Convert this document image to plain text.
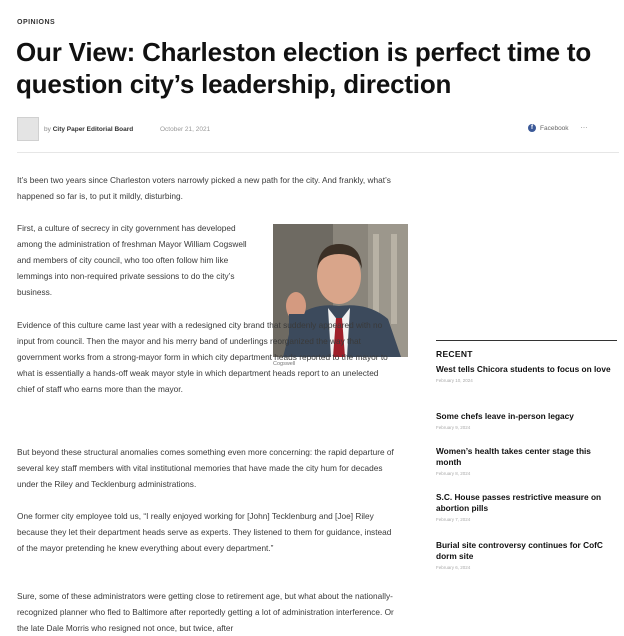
OPINIONS
Our View: Charleston election is perfect time to question city’s leadership, direction
by City Paper Editorial Board	October 21, 2021	f	Facebook ⋯

It’s been two years since Charleston voters narrowly picked a new path for the city. And frankly, what’s happened so far is, to put it mildly, disturbing.

First, a culture of secrecy in city government has developed among the administration of freshman Mayor William Cogswell and members of city council, who too often follow him like lemmings into non-required private sessions to do the city’s business.

Cogswell

Evidence of this culture came last year with a redesigned city brand that suddenly appeared with no input from council. Then the mayor and his merry band of underlings reorganized the way that government works from a strong-mayor form in which city department heads reported to the mayor to what is essentially a hands-off weak mayor style in which department heads report to an unelected chief of staff who earns more than the mayor.

But beyond these structural anomalies comes something even more concerning: the rapid departure of several key staff members with vital institutional memories that have made the city hum for decades under the Riley and Tecklenburg administrations.

One former city employee told us, “I really enjoyed working for [John] Tecklenburg and [Joe] Riley because they let their department heads serve as experts. They listened to them for guidance, instead of the mayor pretending he knew everything about every department.”

Sure, some of these administrators were getting close to retirement age, but what about the nationally-recognized planner who fled to Baltimore after reportedly getting a lot of administration interference. Or the late Dale Morris who resigned not once, but twice, after

RECENT
West tells Chicora students to focus on love
February 10, 2024
Some chefs leave in-person legacy
February 9, 2024
Women’s health takes center stage this month
February 8, 2024
S.C. House passes restrictive measure on abortion pills
February 7, 2024
Burial site controversy continues for CofC dorm site
February 6, 2024
